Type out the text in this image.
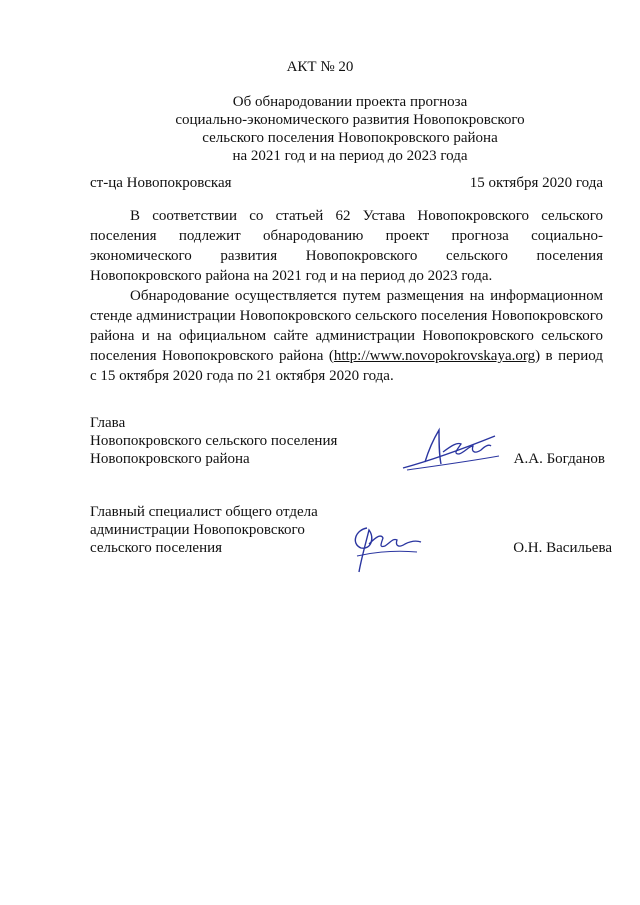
АКТ № 20
Об обнародовании проекта прогноза
социально-экономического развития Новопокровского
сельского поселения Новопокровского района
на 2021 год и на период до 2023 года
ст-ца Новопокровская	15 октября 2020 года

В соответствии со статьей 62 Устава Новопокровского сельского поселения подлежит обнародованию проект прогноза социально-экономического развития Новопокровского сельского поселения Новопокровского района на 2021 год и на период до 2023 года.

Обнародование осуществляется путем размещения на информационном стенде администрации Новопокровского сельского поселения Новопокровского района и на официальном сайте администрации Новопокровского сельского поселения Новопокровского района (http://www.novopokrovskaya.org) в период с 15 октября 2020 года по 21 октября 2020 года.

Глава
Новопокровского сельского поселения
Новопокровского района	А.А. Богданов
Главный специалист общего отдела
администрации Новопокровского
сельского поселения	О.Н. Васильева
